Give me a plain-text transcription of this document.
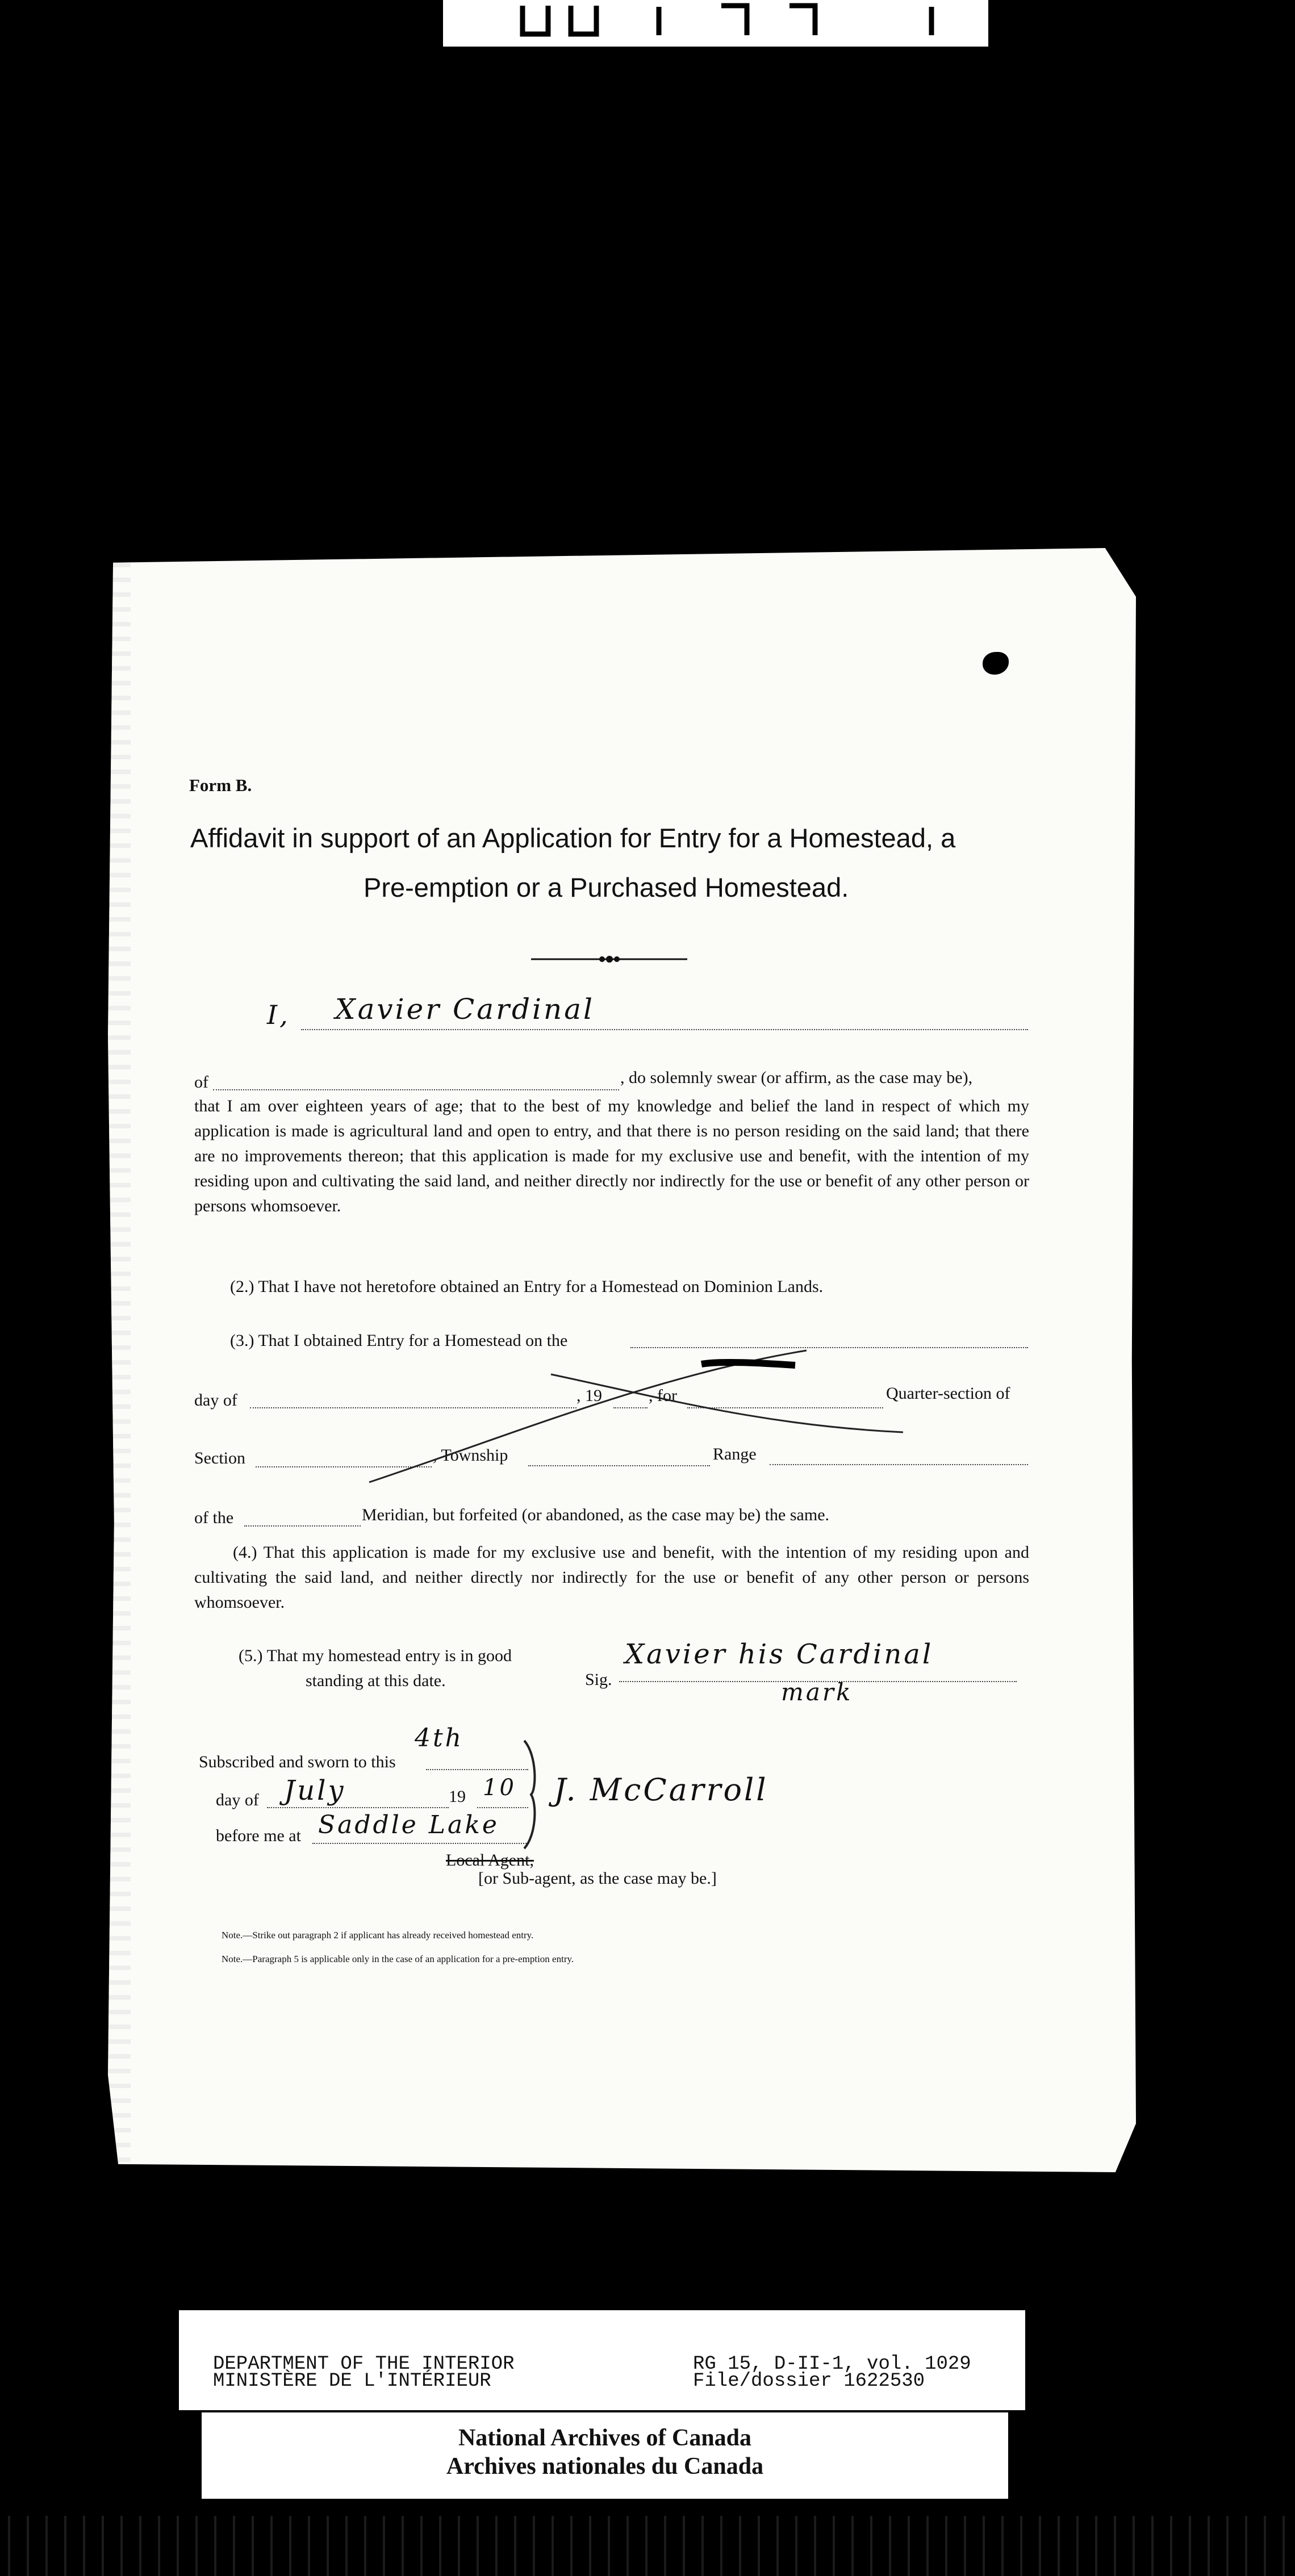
Form B.
Affidavit in support of an Application for Entry for a Homestead, a
Pre-emption or a Purchased Homestead.
I, Xavier Cardinal
of	, do solemnly swear (or affirm, as the case may be),
that I am over eighteen years of age; that to the best of my knowledge and belief the land in respect of which my application is made is agricultural land and open to entry, and that there is no person residing on the said land; that there are no improvements thereon; that this application is made for my exclusive use and benefit, with the intention of my residing upon and cultivating the said land, and neither directly nor indirectly for the use or benefit of any other person or persons whomsoever.
(2.) That I have not heretofore obtained an Entry for a Homestead on Dominion Lands.
(3.) That I obtained Entry for a Homestead on the
day of	, 19	, for	Quarter-section of
Section	, Township	Range
of the	Meridian, but forfeited (or abandoned, as the case may be) the same.
(4.) That this application is made for my exclusive use and benefit, with the intention of my residing upon and cultivating the said land, and neither directly nor indirectly for the use or benefit of any other person or persons whomsoever.
(5.) That my homestead entry is in good
standing at this date.	Sig.
Xavier his Cardinal
mark
Subscribed and sworn to this
4th
day of July	19 10
before me at Saddle Lake
J. McCarroll
Local Agent,
[or Sub-agent, as the case may be.]
Note.—Strike out paragraph 2 if applicant has already received homestead entry.
Note.—Paragraph 5 is applicable only in the case of an application for a pre-emption entry.
DEPARTMENT OF THE INTERIOR
MINISTÈRE DE L'INTÉRIEUR
RG 15, D-II-1, vol. 1029
File/dossier 1622530
National Archives of Canada
Archives nationales du Canada
